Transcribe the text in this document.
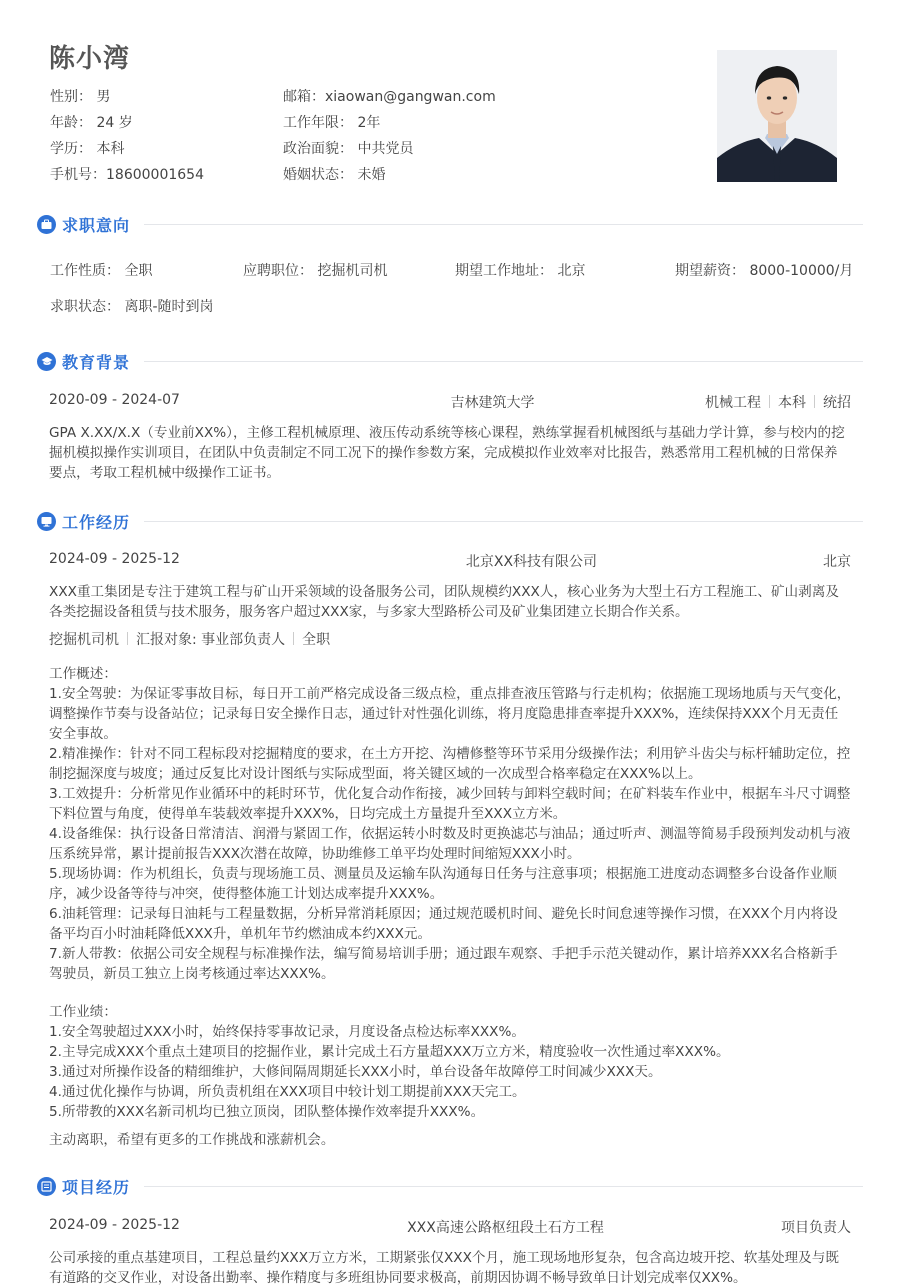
陈小湾
性别： 男
年龄： 24 岁
学历： 本科
手机号：18600001654
邮箱：xiaowan@gangwan.com
工作年限： 2年
政治面貌： 中共党员
婚姻状态： 未婚
求职意向
工作性质： 全职	应聘职位： 挖掘机司机	期望工作地址： 北京	期望薪资： 8000-10000/月
求职状态： 离职-随时到岗
教育背景
2020-09 - 2024-07	吉林建筑大学	机械工程 本科 统招
GPA X.XX/X.X（专业前XX%），主修工程机械原理、液压传动系统等核心课程，熟练掌握看机械图纸与基础力学计算，参与校内的挖掘机模拟操作实训项目，在团队中负责制定不同工况下的操作参数方案，完成模拟作业效率对比报告，熟悉常用工程机械的日常保养要点，考取工程机械中级操作工证书。
工作经历
2024-09 - 2025-12	北京XX科技有限公司	北京
XXX重工集团是专注于建筑工程与矿山开采领域的设备服务公司，团队规模约XXX人，核心业务为大型土石方工程施工、矿山剥离及各类挖掘设备租赁与技术服务，服务客户超过XXX家，与多家大型路桥公司及矿业集团建立长期合作关系。
挖掘机司机 汇报对象: 事业部负责人 全职
工作概述：
1.安全驾驶：为保证零事故目标，每日开工前严格完成设备三级点检，重点排查液压管路与行走机构；依据施工现场地质与天气变化，调整操作节奏与设备站位；记录每日安全操作日志，通过针对性强化训练，将月度隐患排查率提升XXX%，连续保持XXX个月无责任安全事故。
2.精准操作：针对不同工程标段对挖掘精度的要求，在土方开挖、沟槽修整等环节采用分级操作法；利用铲斗齿尖与标杆辅助定位，控制挖掘深度与坡度；通过反复比对设计图纸与实际成型面，将关键区域的一次成型合格率稳定在XXX%以上。
3.工效提升：分析常见作业循环中的耗时环节，优化复合动作衔接，减少回转与卸料空载时间；在矿料装车作业中，根据车斗尺寸调整下料位置与角度，使得单车装载效率提升XXX%，日均完成土方量提升至XXX立方米。
4.设备维保：执行设备日常清洁、润滑与紧固工作，依据运转小时数及时更换滤芯与油品；通过听声、测温等简易手段预判发动机与液压系统异常，累计提前报告XXX次潜在故障，协助维修工单平均处理时间缩短XXX小时。
5.现场协调：作为机组长，负责与现场施工员、测量员及运输车队沟通每日任务与注意事项；根据施工进度动态调整多台设备作业顺序，减少设备等待与冲突，使得整体施工计划达成率提升XXX%。
6.油耗管理：记录每日油耗与工程量数据，分析异常消耗原因；通过规范暖机时间、避免长时间怠速等操作习惯，在XXX个月内将设备平均百小时油耗降低XXX升，单机年节约燃油成本约XXX元。
7.新人带教：依据公司安全规程与标准操作法，编写简易培训手册；通过跟车观察、手把手示范关键动作，累计培养XXX名合格新手驾驶员，新员工独立上岗考核通过率达XXX%。
工作业绩：
1.安全驾驶超过XXX小时，始终保持零事故记录，月度设备点检达标率XXX%。
2.主导完成XXX个重点土建项目的挖掘作业，累计完成土石方量超XXX万立方米，精度验收一次性通过率XXX%。
3.通过对所操作设备的精细维护，大修间隔周期延长XXX小时，单台设备年故障停工时间减少XXX天。
4.通过优化操作与协调，所负责机组在XXX项目中较计划工期提前XXX天完工。
5.所带教的XXX名新司机均已独立顶岗，团队整体操作效率提升XXX%。
主动离职，希望有更多的工作挑战和涨薪机会。
项目经历
2024-09 - 2025-12	XXX高速公路枢纽段土石方工程	项目负责人
公司承接的重点基建项目，工程总量约XXX万立方米，工期紧张仅XXX个月，施工现场地形复杂，包含高边坡开挖、软基处理及与既有道路的交叉作业，对设备出勤率、操作精度与多班组协同要求极高，前期因协调不畅导致单日计划完成率仅XX%。
